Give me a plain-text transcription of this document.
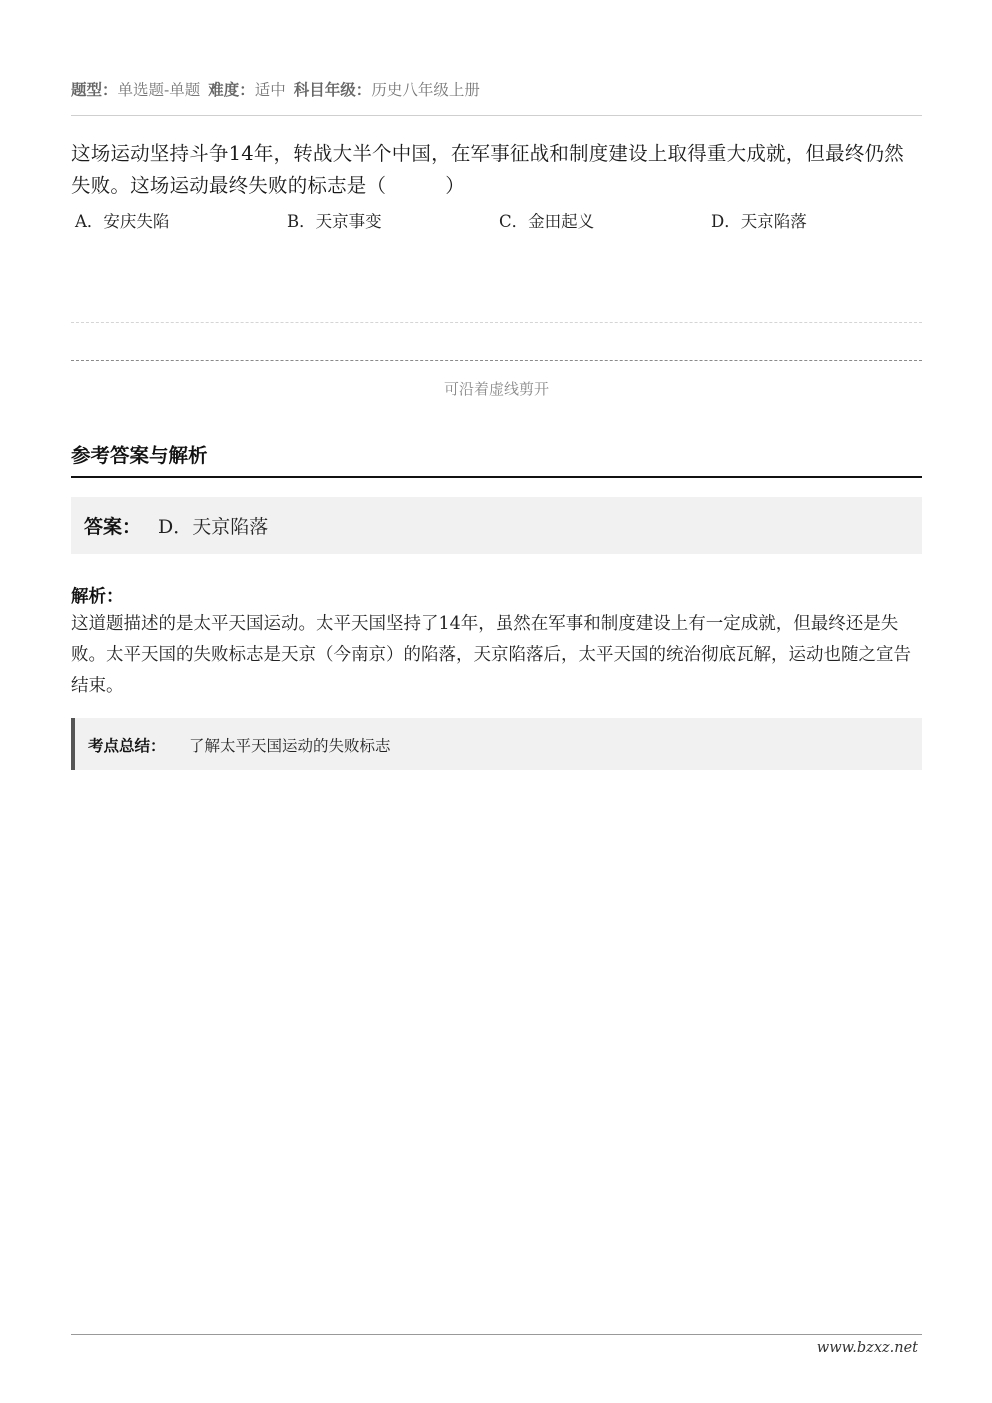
题型：单选题-单题 难度：适中 科目年级：历史八年级上册
这场运动坚持斗争14年，转战大半个中国，在军事征战和制度建设上取得重大成就，但最终仍然失败。这场运动最终失败的标志是（　　　）
A．安庆失陷	B．天京事变	C．金田起义	D．天京陷落
可沿着虚线剪开
参考答案与解析
答案： D．天京陷落
解析：
这道题描述的是太平天国运动。太平天国坚持了14年，虽然在军事和制度建设上有一定成就，但最终还是失败。太平天国的失败标志是天京（今南京）的陷落，天京陷落后，太平天国的统治彻底瓦解，运动也随之宣告结束。
考点总结： 了解太平天国运动的失败标志
www.bzxz.net
